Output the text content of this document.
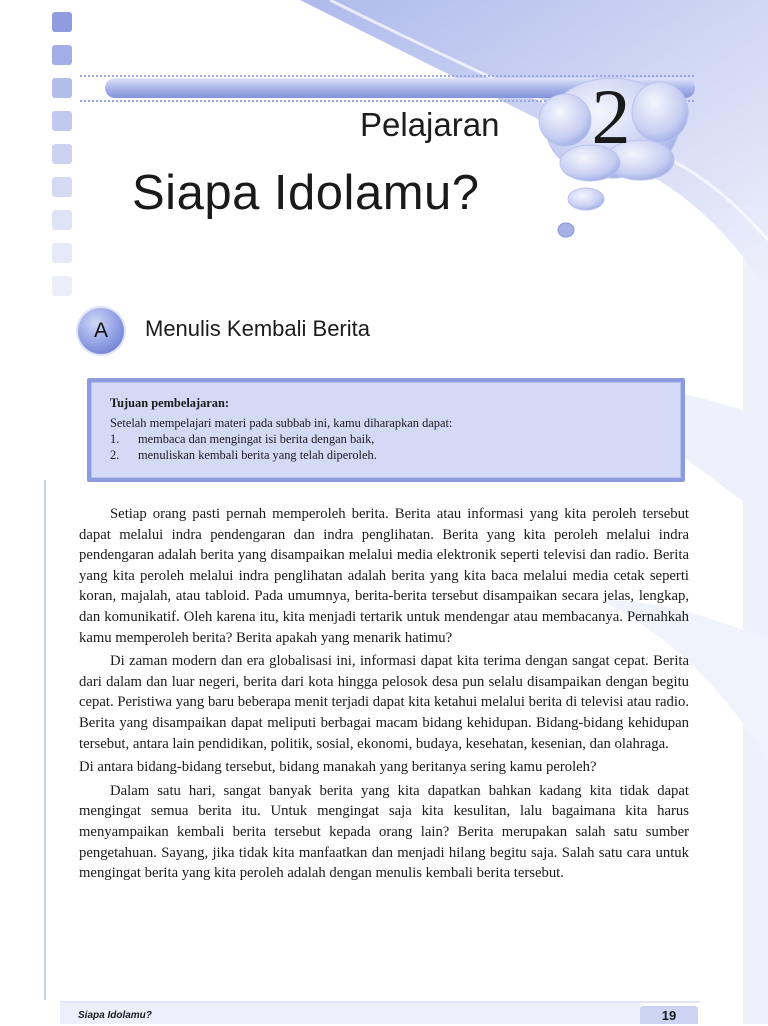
Pelajaran 2
Siapa Idolamu?
A Menulis Kembali Berita
Tujuan pembelajaran:
Setelah mempelajari materi pada subbab ini, kamu diharapkan dapat:
1.	membaca dan mengingat isi berita dengan baik,
2.	menuliskan kembali berita yang telah diperoleh.

Setiap orang pasti pernah memperoleh berita. Berita atau informasi yang kita peroleh tersebut dapat melalui indra pendengaran dan indra penglihatan. Berita yang kita peroleh melalui indra pendengaran adalah berita yang disampaikan melalui media elektronik seperti televisi dan radio. Berita yang kita peroleh melalui indra penglihatan adalah berita yang kita baca melalui media cetak seperti koran, majalah, atau tabloid. Pada umumnya, berita-berita tersebut disampaikan secara jelas, lengkap, dan komunikatif. Oleh karena itu, kita menjadi tertarik untuk mendengar atau membacanya. Pernahkah kamu memperoleh berita? Berita apakah yang menarik hatimu?

Di zaman modern dan era globalisasi ini, informasi dapat kita terima dengan sangat cepat. Berita dari dalam dan luar negeri, berita dari kota hingga pelosok desa pun selalu disampaikan dengan begitu cepat. Peristiwa yang baru beberapa menit terjadi dapat kita ketahui melalui berita di televisi atau radio. Berita yang disampaikan dapat meliputi berbagai macam bidang kehidupan. Bidang-bidang kehidupan tersebut, antara lain pendidikan, politik, sosial, ekonomi, budaya, kesehatan, kesenian, dan olahraga.

Di antara bidang-bidang tersebut, bidang manakah yang beritanya sering kamu peroleh?

Dalam satu hari, sangat banyak berita yang kita dapatkan bahkan kadang kita tidak dapat mengingat semua berita itu. Untuk mengingat saja kita kesulitan, lalu bagaimana kita harus menyampaikan kembali berita tersebut kepada orang lain? Berita merupakan salah satu sumber pengetahuan. Sayang, jika tidak kita manfaatkan dan menjadi hilang begitu saja. Salah satu cara untuk mengingat berita yang kita peroleh adalah dengan menulis kembali berita tersebut.

Siapa Idolamu?	19
